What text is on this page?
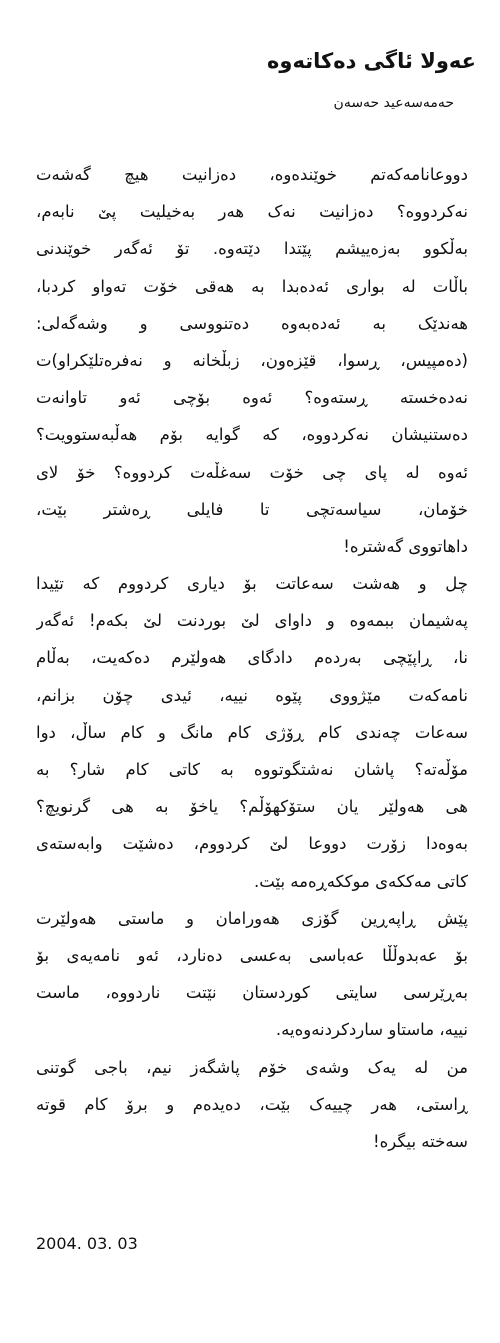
عەولا ئاگی دەکاتەوە
حەمەسەعید حەسەن
دووعانامەکەتم خوێندەوە، دەزانیت هیچ گەشەت
نەکردووە؟ دەزانیت نەک هەر بەخیلیت پێ نابەم،
بەڵکوو بەزەییشم پێتدا دێتەوە. تۆ ئەگەر خوێندنی
باڵات لە بواری ئەدەبدا بە هەقی خۆت تەواو کردبا،
هەندێک بە ئەدەبەوە دەتنووسی و وشەگەلی:
(دەمپیس، ڕسوا، قێزەون، زبڵخانە و نەفرەتلێکراو)ت
نەدەخستە ڕستەوە؟ ئەوە بۆچی ئەو تاوانەت
دەستنیشان نەکردووە، کە گوایە بۆم هەڵبەستوویت؟
ئەوە لە پای چی خۆت سەغڵەت کردووە؟ خۆ لای
خۆمان، سیاسەتچی تا فایلی ڕەشتر بێت،
داهاتووی گەشترە!
چل و هەشت سەعاتت بۆ دیاری کردووم کە تێیدا
پەشیمان ببمەوە و داوای لێ بوردنت لێ بکەم! ئەگەر
نا، ڕاپێچی بەردەم دادگای هەولێرم دەکەیت، بەڵام
نامەکەت مێژووی پێوە نییە، ئیدی چۆن بزانم،
سەعات چەندی کام ڕۆژی کام مانگ و کام ساڵ، دوا
مۆڵەتە؟ پاشان نەشتگوتووە بە کاتی کام شار؟ بە
هی هەولێر یان ستۆکهۆڵم؟ یاخۆ بە هی گرنویچ؟
بەوەدا زۆرت دووعا لێ کردووم، دەشێت وابەستەی
کاتی مەککەی موککەڕەمە بێت.
پێش ڕاپەڕین گۆزی هەورامان و ماستی هەولێرت
بۆ عەبدوڵڵا عەباسی بەعسی دەنارد، ئەو نامەیەی بۆ
بەڕێرسی سایتی کوردستان نێتت ناردووە، ماست
نییە، ماستاو ساردکردنەوەیە.
من لە یەک وشەی خۆم پاشگەز نیم، باجی گوتنی
ڕاستی، هەر چییەک بێت، دەیدەم و برۆ کام قوتە
سەختە بیگرە!
2004. 03. 03
